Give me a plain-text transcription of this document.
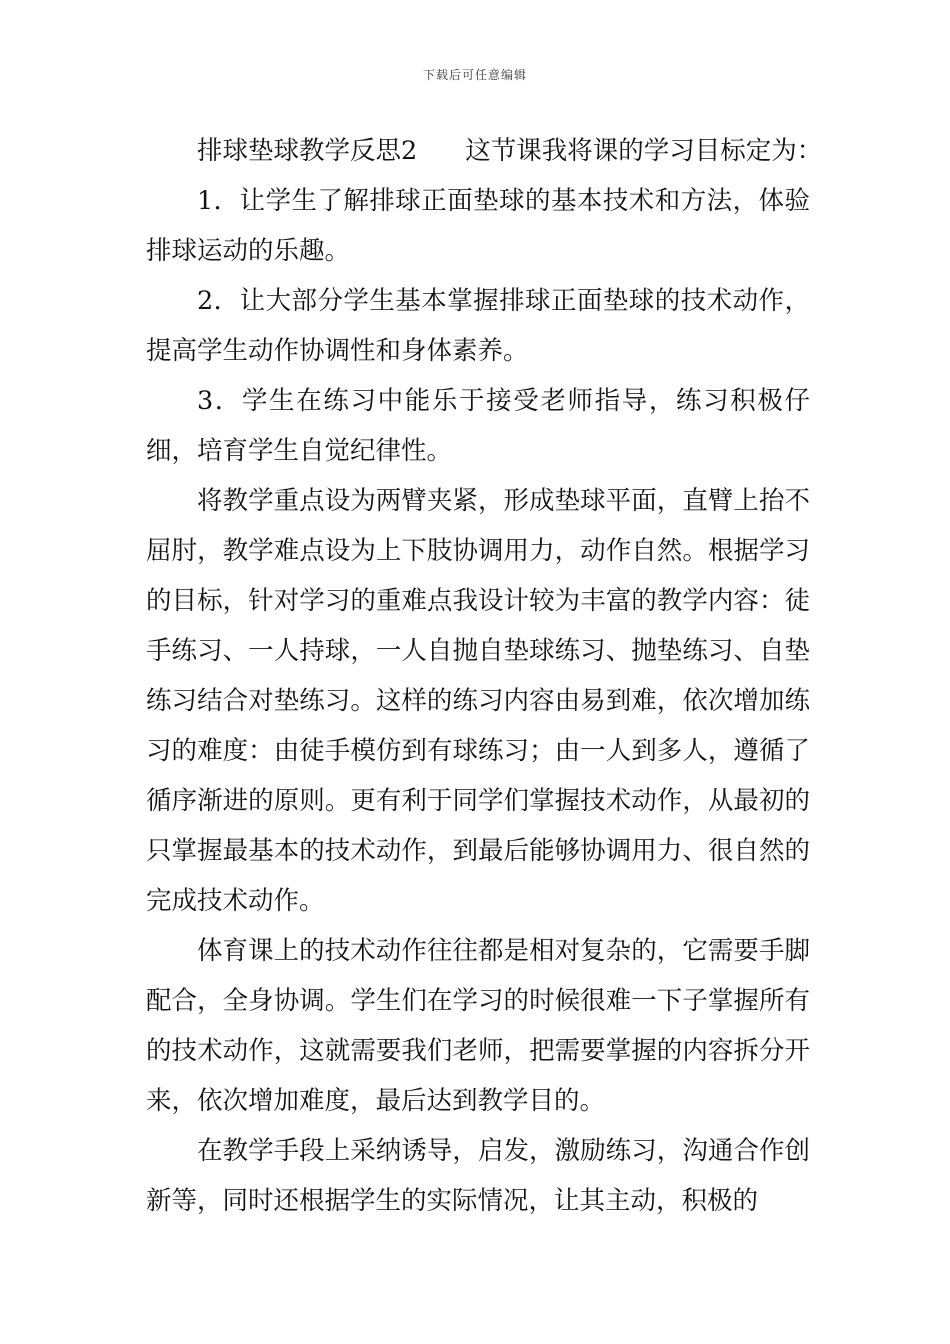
下载后可任意编辑

排球垫球教学反思2 这节课我将课的学习目标定为：

1．让学生了解排球正面垫球的基本技术和方法，体验排球运动的乐趣。

2．让大部分学生基本掌握排球正面垫球的技术动作，提高学生动作协调性和身体素养。

3．学生在练习中能乐于接受老师指导，练习积极仔细，培育学生自觉纪律性。

将教学重点设为两臂夹紧，形成垫球平面，直臂上抬不屈肘，教学难点设为上下肢协调用力，动作自然。根据学习的目标，针对学习的重难点我设计较为丰富的教学内容：徒手练习、一人持球，一人自抛自垫球练习、抛垫练习、自垫练习结合对垫练习。这样的练习内容由易到难，依次增加练习的难度：由徒手模仿到有球练习；由一人到多人，遵循了循序渐进的原则。更有利于同学们掌握技术动作，从最初的只掌握最基本的技术动作，到最后能够协调用力、很自然的完成技术动作。

体育课上的技术动作往往都是相对复杂的，它需要手脚配合，全身协调。学生们在学习的时候很难一下子掌握所有的技术动作，这就需要我们老师，把需要掌握的内容拆分开来，依次增加难度，最后达到教学目的。

在教学手段上采纳诱导，启发，激励练习，沟通合作创新等，同时还根据学生的实际情况，让其主动，积极的
